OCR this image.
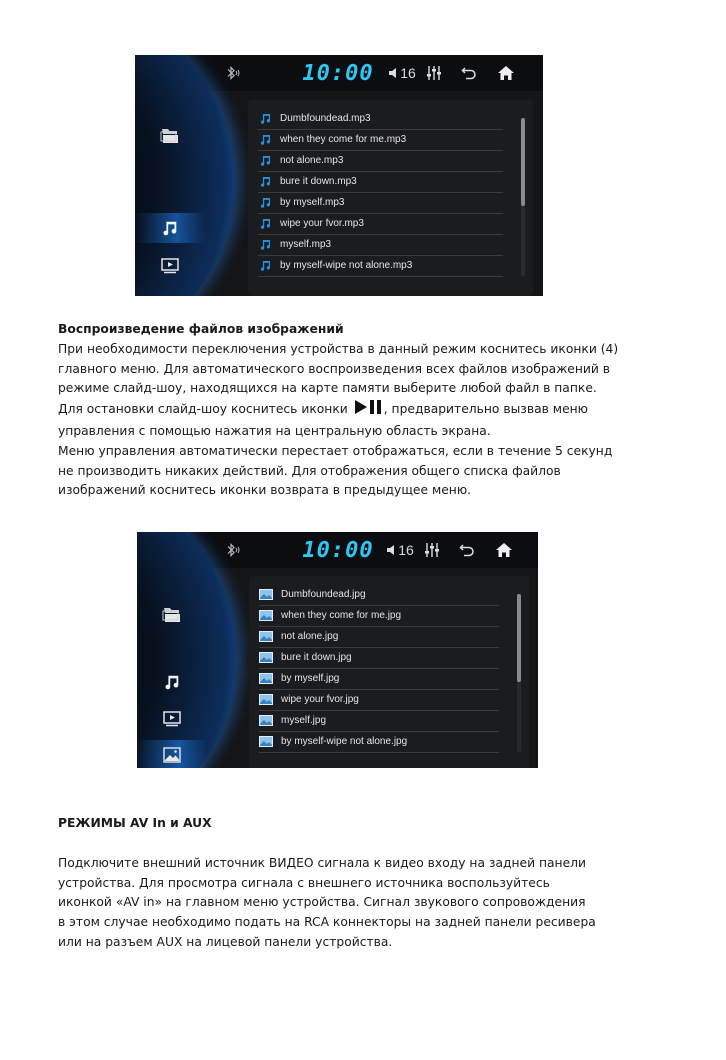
10:00 16
Dumbfoundead.mp3
when they come for me.mp3
not alone.mp3
bure it down.mp3
by myself.mp3
wipe your fvor.mp3
myself.mp3
by myself-wipe not alone.mp3
Воспроизведение файлов изображений
При необходимости переключения устройства в данный режим коснитесь иконки (4)
главного меню. Для автоматического воспроизведения всех файлов изображений в
режиме слайд-шоу, находящихся на карте памяти выберите любой файл в папке.
Для остановки слайд-шоу коснитесь иконки	, предварительно вызвав меню
управления с помощью нажатия на центральную область экрана.
Меню управления автоматически перестает отображаться, если в течение 5 секунд
не производить никаких действий. Для отображения общего списка файлов
изображений коснитесь иконки возврата в предыдущее меню.
10:00 16
Dumbfoundead.jpg
when they come for me.jpg
not alone.jpg
bure it down.jpg
by myself.jpg
wipe your fvor.jpg
myself.jpg
by myself-wipe not alone.jpg
РЕЖИМЫ AV In и AUX
Подключите внешний источник ВИДЕО сигнала к видео входу на задней панели
устройства. Для просмотра сигнала с внешнего источника воспользуйтесь
иконкой «AV in» на главном меню устройства. Сигнал звукового сопровождения
в этом случае необходимо подать на RCA коннекторы на задней панели ресивера
или на разъем AUX на лицевой панели устройства.
